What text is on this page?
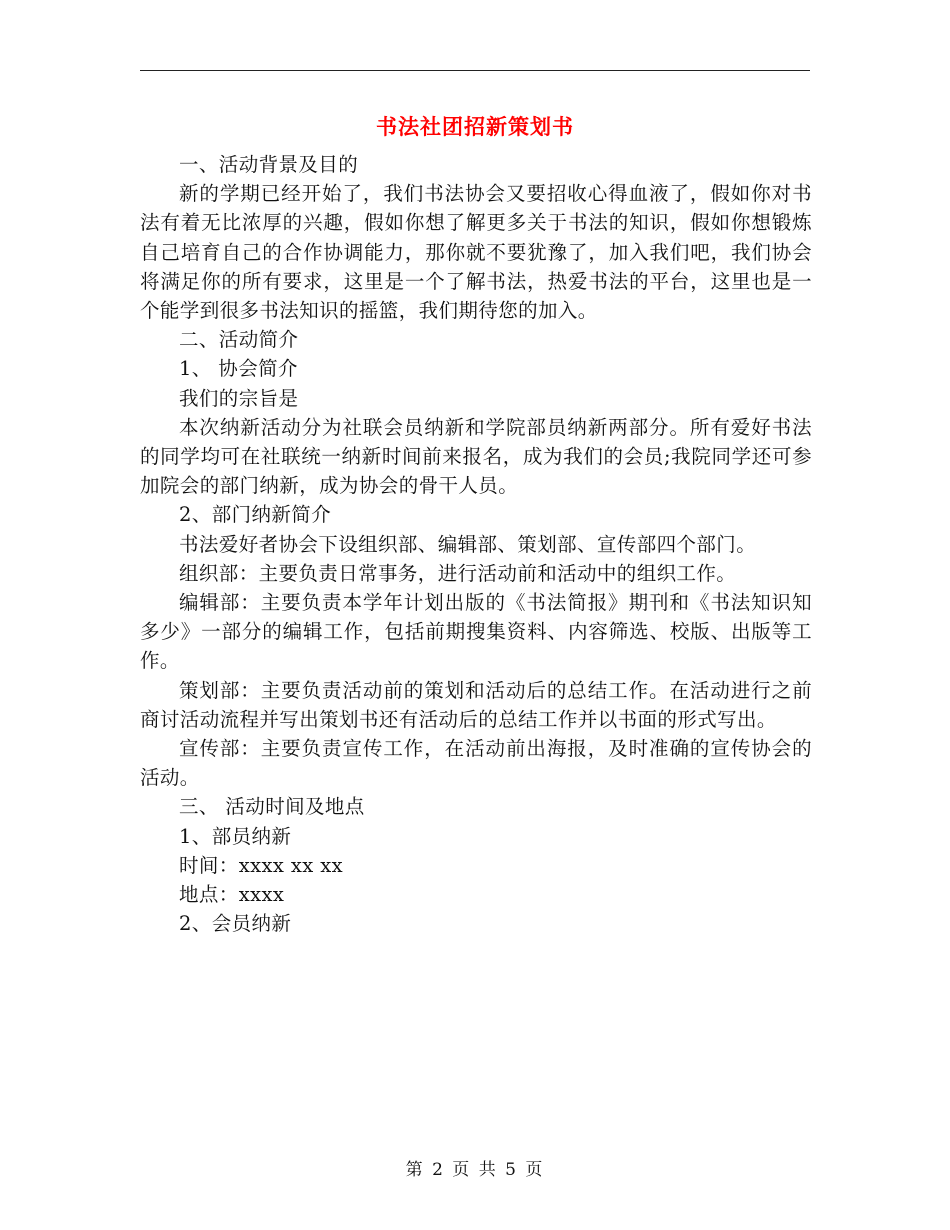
书法社团招新策划书

一、活动背景及目的

新的学期已经开始了，我们书法协会又要招收心得血液了，假如你对书法有着无比浓厚的兴趣，假如你想了解更多关于书法的知识，假如你想锻炼自己培育自己的合作协调能力，那你就不要犹豫了，加入我们吧，我们协会将满足你的所有要求，这里是一个了解书法，热爱书法的平台，这里也是一个能学到很多书法知识的摇篮，我们期待您的加入。

二、活动简介

1、 协会简介

我们的宗旨是

本次纳新活动分为社联会员纳新和学院部员纳新两部分。所有爱好书法的同学均可在社联统一纳新时间前来报名，成为我们的会员;我院同学还可参加院会的部门纳新，成为协会的骨干人员。

2、部门纳新简介

书法爱好者协会下设组织部、编辑部、策划部、宣传部四个部门。

组织部：主要负责日常事务，进行活动前和活动中的组织工作。

编辑部：主要负责本学年计划出版的《书法简报》期刊和《书法知识知多少》一部分的编辑工作，包括前期搜集资料、内容筛选、校版、出版等工作。

策划部：主要负责活动前的策划和活动后的总结工作。在活动进行之前商讨活动流程并写出策划书还有活动后的总结工作并以书面的形式写出。

宣传部：主要负责宣传工作，在活动前出海报，及时准确的宣传协会的活动。

三、 活动时间及地点

1、部员纳新

时间：xxxx xx xx

地点：xxxx

2、会员纳新

第 2 页 共 5 页
